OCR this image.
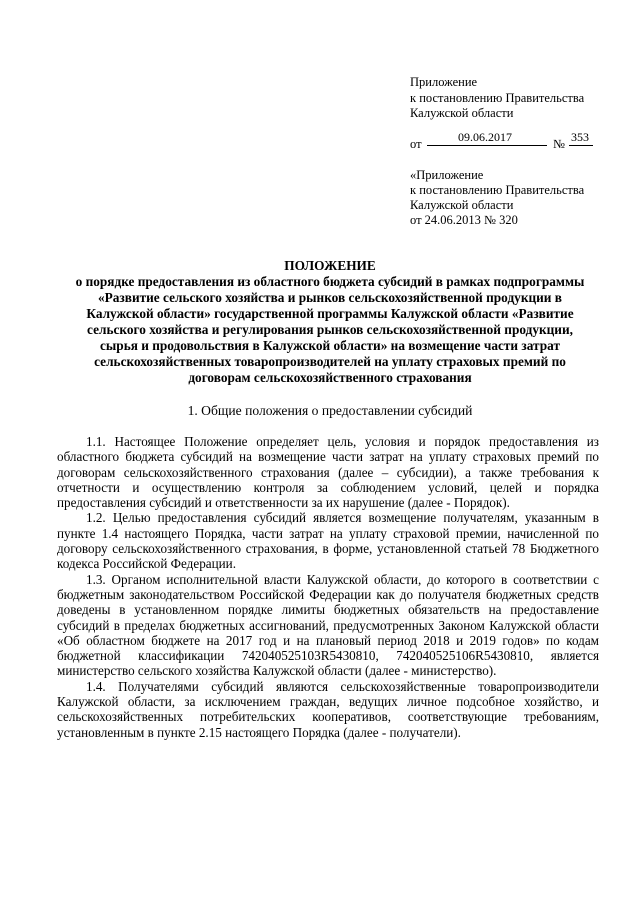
Приложение
к постановлению Правительства
Калужской области
от	09.06.2017	№ 353
«Приложение
к постановлению Правительства
Калужской области
от 24.06.2013 № 320
ПОЛОЖЕНИЕ
о порядке предоставления из областного бюджета субсидий в рамках подпрограммы
«Развитие сельского хозяйства и рынков сельскохозяйственной продукции в
Калужской области» государственной программы Калужской области «Развитие
сельского хозяйства и регулирования рынков сельскохозяйственной продукции,
сырья и продовольствия в Калужской области» на возмещение части затрат
сельскохозяйственных товаропроизводителей на уплату страховых премий по
договорам сельскохозяйственного страхования
1. Общие положения о предоставлении субсидий

1.1. Настоящее Положение определяет цель, условия и порядок предоставления из областного бюджета субсидий на возмещение части затрат на уплату страховых премий по договорам сельскохозяйственного страхования (далее – субсидии), а также требования к отчетности и осуществлению контроля за соблюдением условий, целей и порядка предоставления субсидий и ответственности за их нарушение (далее - Порядок).

1.2. Целью предоставления субсидий является возмещение получателям, указанным в пункте 1.4 настоящего Порядка, части затрат на уплату страховой премии, начисленной по договору сельскохозяйственного страхования, в форме, установленной статьей 78 Бюджетного кодекса Российской Федерации.

1.3. Органом исполнительной власти Калужской области, до которого в соответствии с бюджетным законодательством Российской Федерации как до получателя бюджетных средств доведены в установленном порядке лимиты бюджетных обязательств на предоставление субсидий в пределах бюджетных ассигнований, предусмотренных Законом Калужской области «Об областном бюджете на 2017 год и на плановый период 2018 и 2019 годов» по кодам бюджетной классификации 742040525103R5430810, 742040525106R5430810, является министерство сельского хозяйства Калужской области (далее - министерство).

1.4. Получателями субсидий являются сельскохозяйственные товаропроизводители Калужской области, за исключением граждан, ведущих личное подсобное хозяйство, и сельскохозяйственных потребительских кооперативов, соответствующие требованиям, установленным в пункте 2.15 настоящего Порядка (далее - получатели).
